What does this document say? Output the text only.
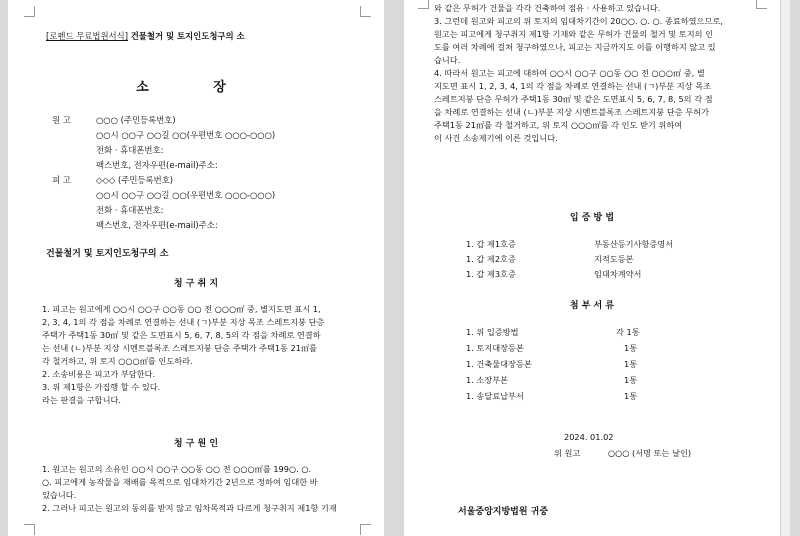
[로펜드 무료법원서식] 건물철거 및 토지인도청구의 소
소 장
원 고	○○○ (주민등록번호)
○○시 ○○구 ○○길 ○○(우편번호 ○○○-○○○)
전화 · 휴대폰번호:
팩스번호, 전자우편(e-mail)주소:
피 고	◇◇◇ (주민등록번호)
○○시 ○○구 ○○길 ○○(우편번호 ○○○-○○○)
전화 · 휴대폰번호:
팩스번호, 전자우편(e-mail)주소:
건물철거 및 토지인도청구의 소
청 구 취 지
1. 피고는 원고에게 ○○시 ○○구 ○○동 ○○ 전 ○○○㎡ 중, 별지도면 표시 1,
2, 3, 4, 1의 각 점을 차례로 연결하는 선내 (ㄱ)부분 지상 목조 스레트지붕 단층
주택가 주택1동 30㎡ 및 같은 도면표시 5, 6, 7, 8, 5의 각 점을 차례로 연결하
는 선내 (ㄴ)부분 지상 시멘트블록조 스레트지붕 단층 주택가 주택1동 21㎡를
각 철거하고, 위 토지 ○○○㎡를 인도하라.
2. 소송비용은 피고가 부담한다.
3. 위 제1항은 가집행 할 수 있다.
라는 판결을 구합니다.
청 구 원 인
1. 원고는 원고의 소유인 ○○시 ○○구 ○○동 ○○ 전 ○○○㎡를 199○. ○.
○. 피고에게 농작물을 재배를 목적으로 임대차기간 2년으로 정하여 임대한 바
있습니다.
2. 그러나 피고는 원고의 동의를 받지 않고 임차목적과 다르게 청구취지 제1항 기재
와 같은 무허가 건물을 각각 건축하여 점유 · 사용하고 있습니다.
3. 그런데 원고와 피고의 위 토지의 임대차기간이 20○○. ○. ○. 종료하였으므로,
원고는 피고에게 청구취지 제1항 기재와 같은 무허가 건물의 철거 및 토지의 인
도를 여러 차례에 걸쳐 청구하였으나, 피고는 지금까지도 이를 이행하지 않고 있
습니다.
4. 따라서 원고는 피고에 대하여 ○○시 ○○구 ○○동 ○○ 전 ○○○㎡ 중, 별
지도면 표시 1, 2, 3, 4, 1의 각 점을 차례로 연결하는 선내 (ㄱ)부분 지상 목조
스레트지붕 단층 무허가 주택1동 30㎡ 및 같은 도면표시 5, 6, 7, 8, 5의 각 점
을 차례로 연결하는 선내 (ㄴ)부분 지상 시멘트블록조 스레트지붕 단층 무허가
주택1동 21㎡를 각 철거하고, 위 토지 ○○○㎡를 각 인도 받기 위하여
이 사건 소송제기에 이른 것입니다.
입 증 방 법
1. 갑 제1호증	부동산등기사항증명서
1. 갑 제2호증	지적도등본
1. 갑 제3호증	임대차계약서
첨 부 서 류
1. 위 입증방법	각 1통
1. 토지대장등본	1통
1. 건축물대장등본	1통
1. 소장부본	1통
1. 송달료납부서	1통
2024. 01.02
위 원고	○○○ (서명 또는 날인)
서울중앙지방법원 귀중
